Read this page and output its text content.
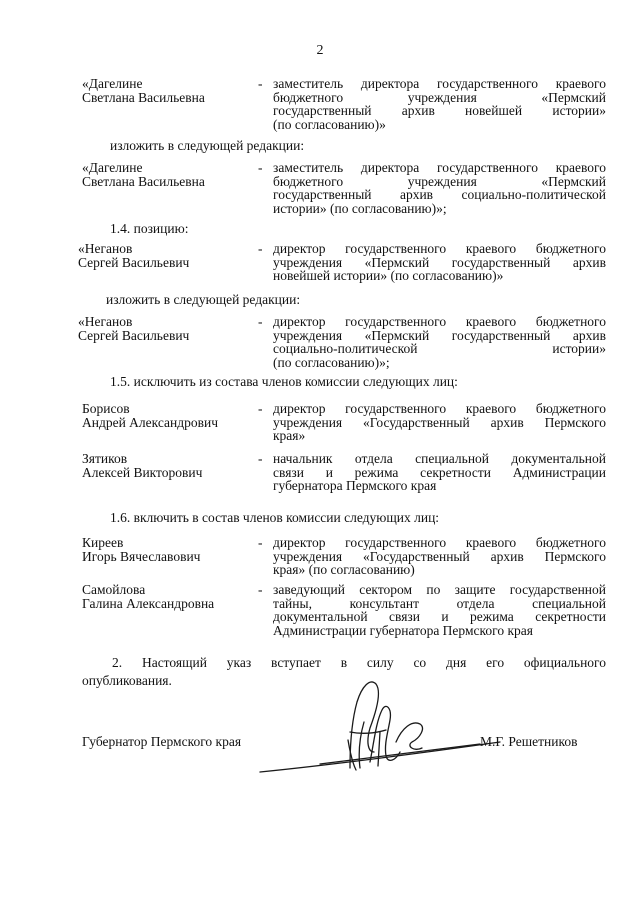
2
«Дагелине
Светлана Васильевна
- заместитель директора государственного краевого
бюджетного учреждения «Пермский
государственный архив новейшей истории»
(по согласованию)»
изложить в следующей редакции:
«Дагелине
Светлана Васильевна
- заместитель директора государственного краевого
бюджетного учреждения «Пермский
государственный архив социально-политической
истории» (по согласованию)»;
1.4. позицию:
«Неганов
Сергей Васильевич
- директор государственного краевого бюджетного
учреждения «Пермский государственный архив
новейшей истории» (по согласованию)»
изложить в следующей редакции:
«Неганов
Сергей Васильевич
- директор государственного краевого бюджетного
учреждения «Пермский государственный архив
социально-политической истории»
(по согласованию)»;
1.5. исключить из состава членов комиссии следующих лиц:
Борисов
Андрей Александрович
- директор государственного краевого бюджетного
учреждения «Государственный архив Пермского
края»
Зятиков
Алексей Викторович
- начальник отдела специальной документальной
связи и режима секретности Администрации
губернатора Пермского края
1.6. включить в состав членов комиссии следующих лиц:
Киреев
Игорь Вячеславович
- директор государственного краевого бюджетного
учреждения «Государственный архив Пермского
края» (по согласованию)
Самойлова
Галина Александровна
- заведующий сектором по защите государственной
тайны, консультант отдела специальной
документальной связи и режима секретности
Администрации губернатора Пермского края
2. Настоящий указ вступает в силу со дня его официального
опубликования.
Губернатор Пермского края	М.Г. Решетников
